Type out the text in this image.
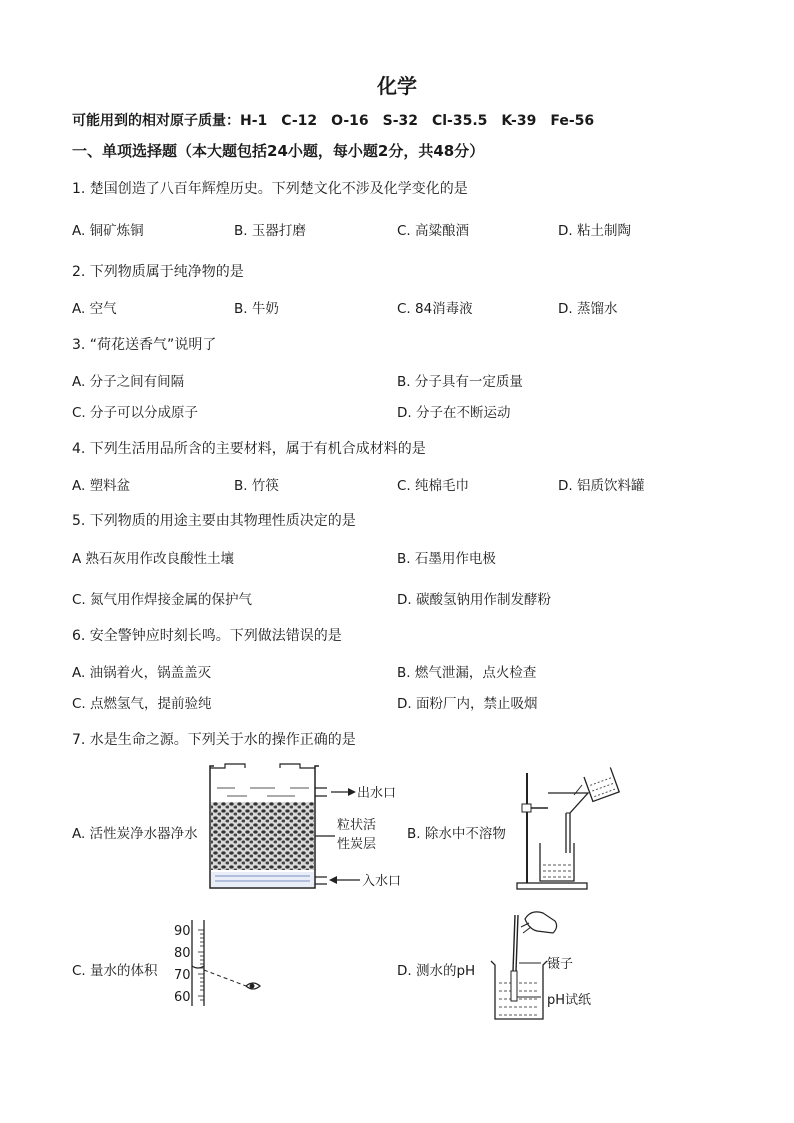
化学
可能用到的相对原子质量：H-1　C-12　O-16　S-32　Cl-35.5　K-39　Fe-56
一、单项选择题（本大题包括24小题，每小题2分，共48分）
1. 楚国创造了八百年辉煌历史。下列楚文化不涉及化学变化的是
A. 铜矿炼铜	B. 玉器打磨	C. 高粱酿酒	D. 粘土制陶
2. 下列物质属于纯净物的是
A. 空气	B. 牛奶	C. 84消毒液	D. 蒸馏水
3. “荷花送香气”说明了
A. 分子之间有间隔	B. 分子具有一定质量
C. 分子可以分成原子	D. 分子在不断运动
4. 下列生活用品所含的主要材料，属于有机合成材料的是
A. 塑料盆	B. 竹筷	C. 纯棉毛巾	D. 铝质饮料罐
5. 下列物质的用途主要由其物理性质决定的是
A 熟石灰用作改良酸性土壤	B. 石墨用作电极
C. 氮气用作焊接金属的保护气	D. 碳酸氢钠用作制发酵粉
6. 安全警钟应时刻长鸣。下列做法错误的是
A. 油锅着火，锅盖盖灭	B. 燃气泄漏，点火检查
C. 点燃氢气，提前验纯	D. 面粉厂内，禁止吸烟
7. 水是生命之源。下列关于水的操作正确的是
A. 活性炭净水器净水	B. 除水中不溶物
C. 量水的体积	D. 测水的pH
出水口
粒状活
性炭层
入水口
90
80
70
60
镊子
pH试纸
